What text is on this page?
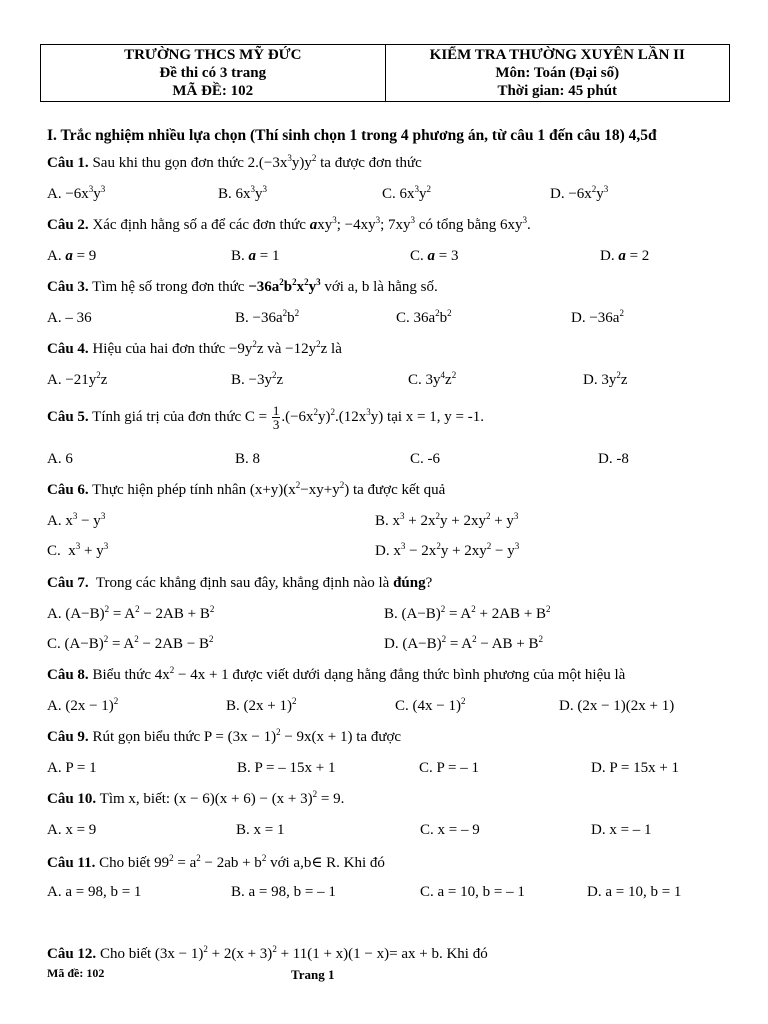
TRƯỜNG THCS MỸ ĐỨC
Đề thi có 3 trang
MÃ ĐỀ: 102
KIỂM TRA THƯỜNG XUYÊN LẦN II
Môn: Toán (Đại số)
Thời gian: 45 phút
I. Trắc nghiệm nhiều lựa chọn (Thí sinh chọn 1 trong 4 phương án, từ câu 1 đến câu 18) 4,5đ
Câu 1. Sau khi thu gọn đơn thức $2.(-3x^3y)y^2$ ta được đơn thức
A. $-6x^3y^3$	B. $6x^3y^3$	C. $6x^3y^2$	D. $-6x^2y^3$
Câu 2. Xác định hằng số a để các đơn thức axy$^3$; $-4xy^3$; $7xy^3$ có tổng bằng $6xy^3$.
A. a = 9	B. a = 1	C. a = 3	D. a = 2
Câu 3. Tìm hệ số trong đơn thức $-36a^2b^2x^2y^3$ với a, b là hằng số.
A. – 36	B. $-36a^2b^2$	C. $36a^2b^2$	D. $-36a^2$
Câu 4. Hiệu của hai đơn thức $-9y^2z$ và $-12y^2z$ là
A. $-21y^2z$	B. $-3y^2z$	C. $3y^4z^2$	D. $3y^2z$
Câu 5. Tính giá trị của đơn thức $C = \frac{1}{3} .(-6x^2y)^2.(12x^3y)$ tại x = 1, y = -1.
A. 6	B. 8	C. -6	D. -8
Câu 6. Thực hiện phép tính nhân $(x+y)(x^2-xy+y^2)$ ta được kết quả
A. $x^3 - y^3$	B. $x^3 + 2x^2y + 2xy^2 + y^3$
C.  $x^3 + y^3$	D. $x^3 - 2x^2y + 2xy^2 - y^3$
Câu 7.  Trong các khẳng định sau đây, khẳng định nào là đúng?
A. $(A-B)^2 = A^2 - 2AB + B^2$	B. $(A-B)^2 = A^2 + 2AB + B^2$
C. $(A-B)^2 = A^2 - 2AB - B^2$	D. $(A-B)^2 = A^2$ − AB + $B^2$
Câu 8. Biểu thức $4x^2 - 4x + 1$ được viết dưới dạng hằng đẳng thức bình phương của một hiệu là
A. $(2x - 1)^2$	B. $(2x + 1)^2$	C. $(4x - 1)^2$	D. (2x − 1)(2x + 1)
Câu 9. Rút gọn biểu thức $P = (3x - 1)^2 - 9x(x + 1)$ ta được
A. P = 1	B. P = – 15x + 1	C. P = – 1	D. P = 15x + 1
Câu 10. Tìm x, biết: $(x - 6)(x + 6) - (x + 3)^2 = 9$.
A. x = 9	B. x = 1	C. x = – 9	D. x = – 1
Câu 11. Cho biết $99^2 = a^2 - 2ab + b^2$ với a,b∈ R. Khi đó
A. a = 98, b = 1	B. a = 98, b = – 1	C. a = 10, b = – 1	D. a = 10, b = 1
Câu 12. Cho biết $(3x - 1)^2 + 2(x + 3)^2 + 11(1 + x)(1 - x)=$ ax + b. Khi đó
Mã đề: 102	Trang 1
